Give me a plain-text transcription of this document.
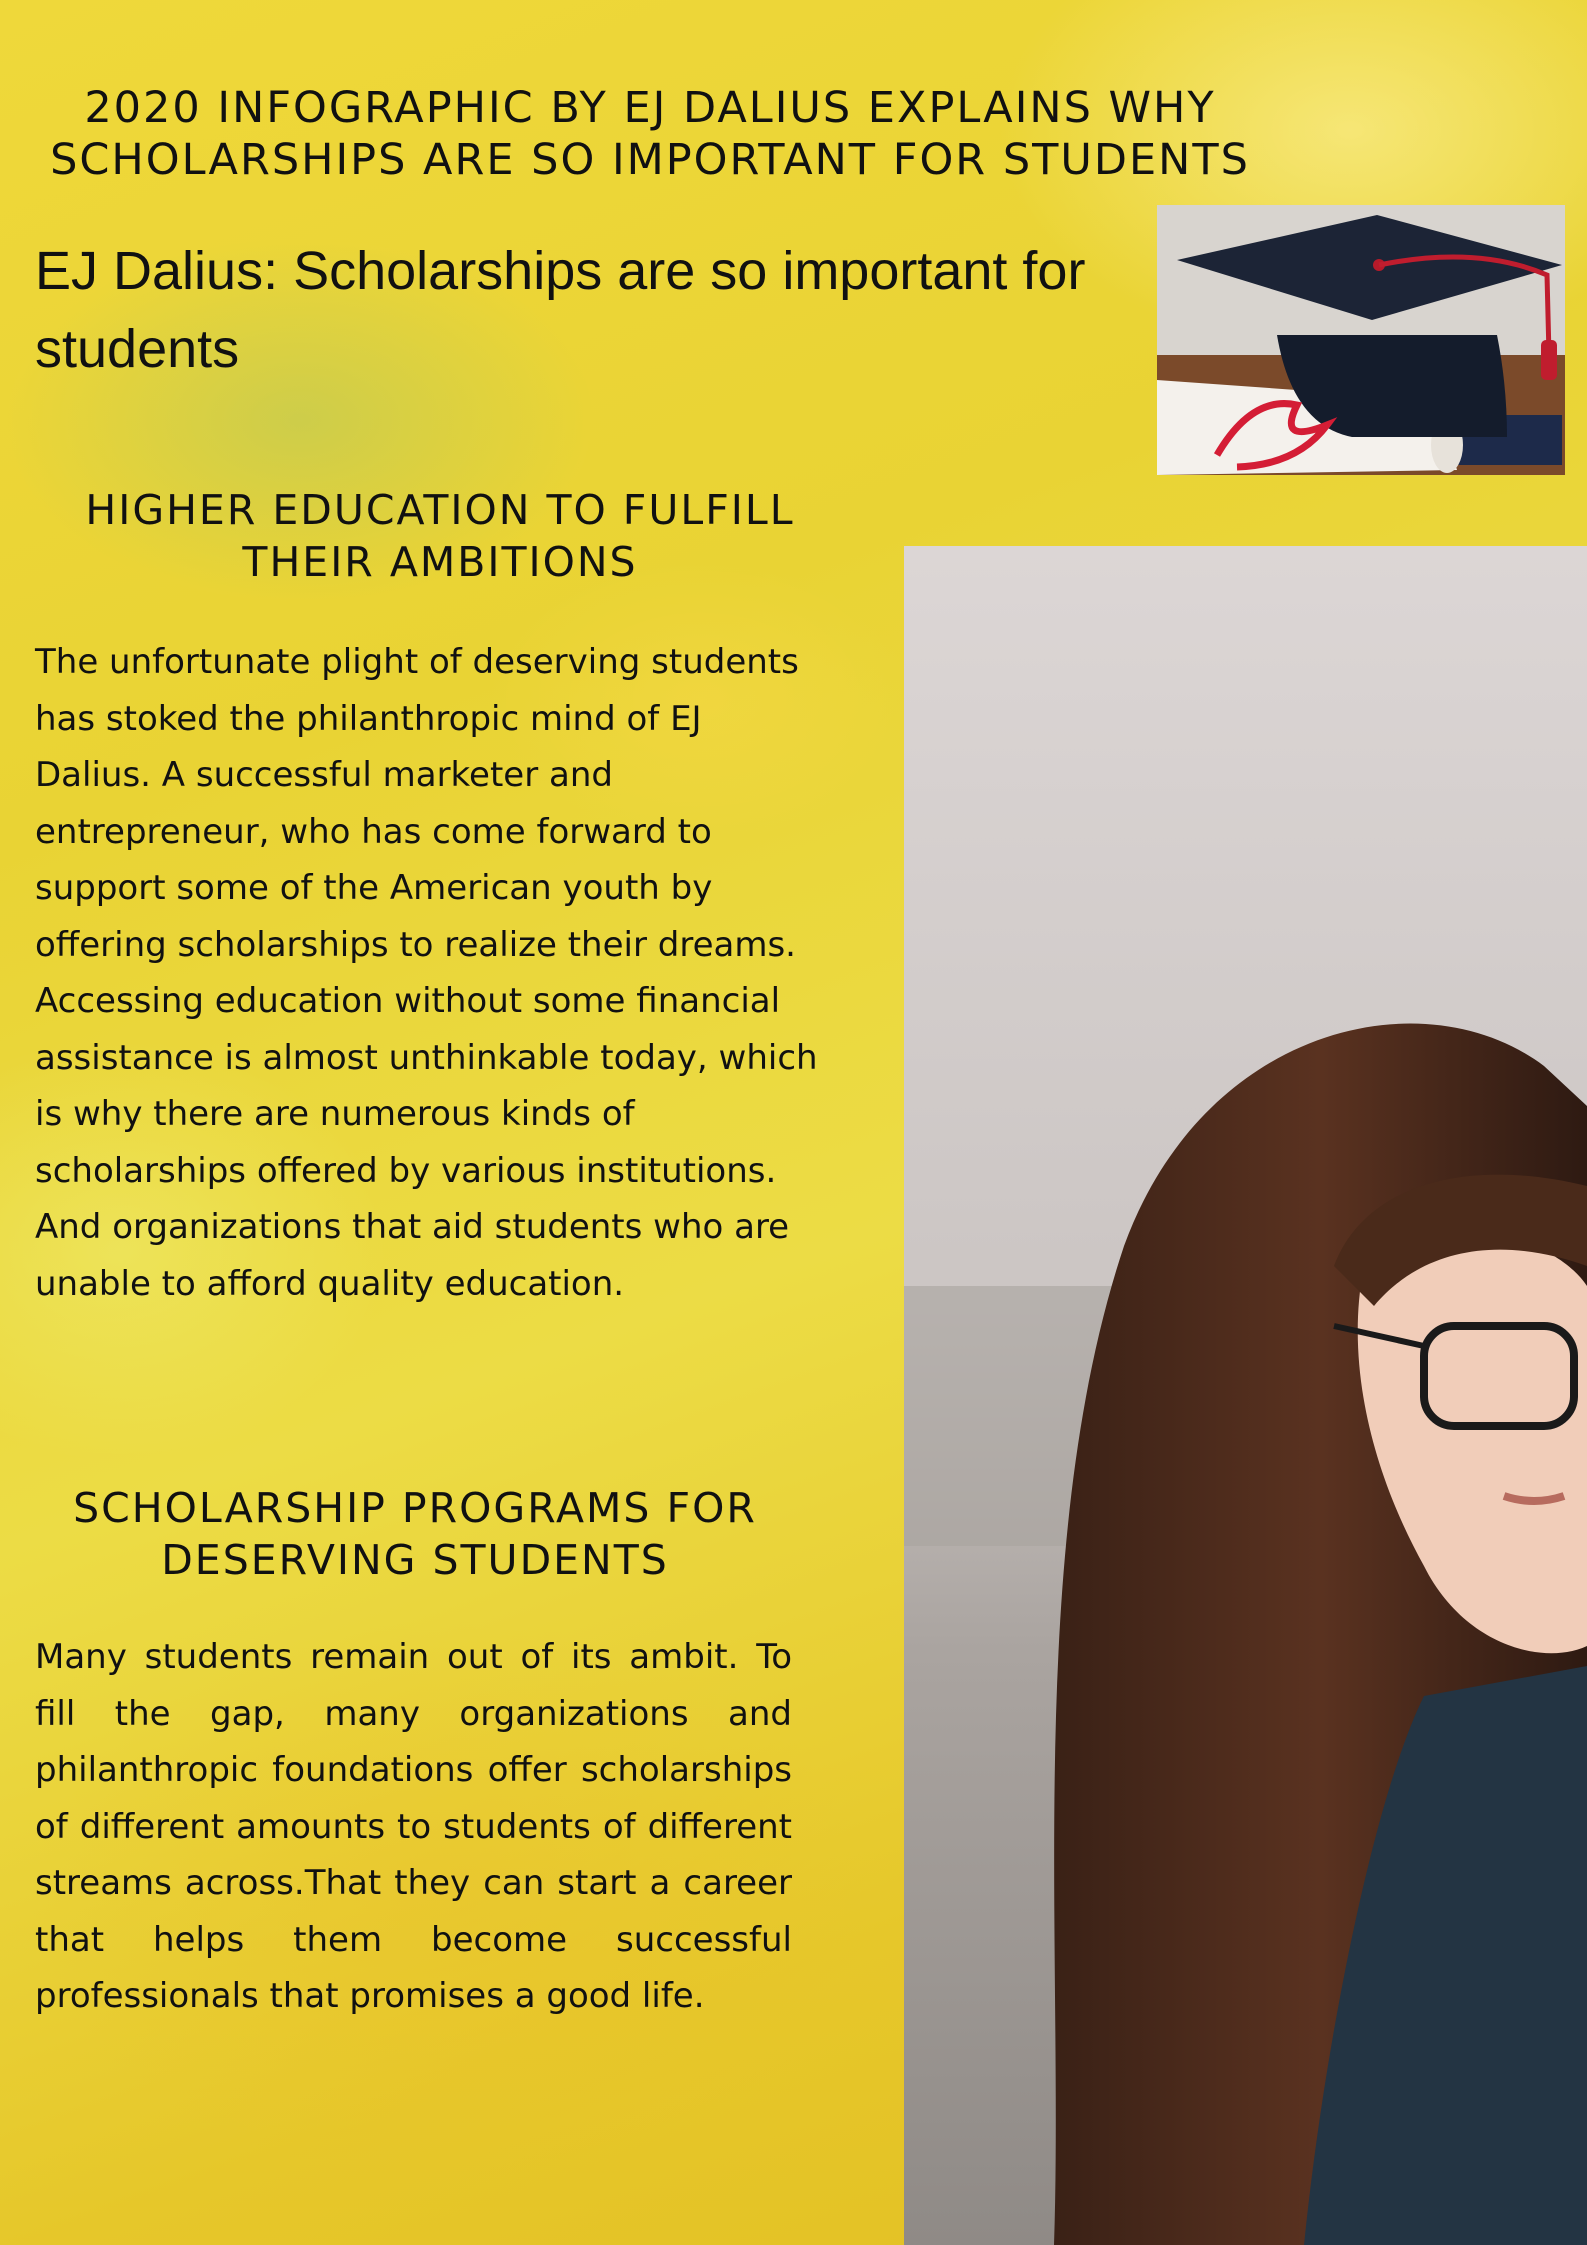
2020 INFOGRAPHIC BY EJ DALIUS EXPLAINS WHY
SCHOLARSHIPS ARE SO IMPORTANT FOR STUDENTS
EJ Dalius: Scholarships are so important for students
HIGHER EDUCATION TO FULFILL
THEIR AMBITIONS
The unfortunate plight of deserving students
has stoked the philanthropic mind of EJ
Dalius. A successful marketer and
entrepreneur, who has come forward to
support some of the American youth by
offering scholarships to realize their dreams.
Accessing education without some financial
assistance is almost unthinkable today, which
is why there are numerous kinds of
scholarships offered by various institutions.
And organizations that aid students who are
unable to afford quality education.
SCHOLARSHIP PROGRAMS FOR
DESERVING STUDENTS
Many students remain out of its ambit. To fill the gap, many organizations and philanthropic foundations offer scholarships of different amounts to students of different streams across.That they can start a career that helps them become successful professionals that promises a good life.
